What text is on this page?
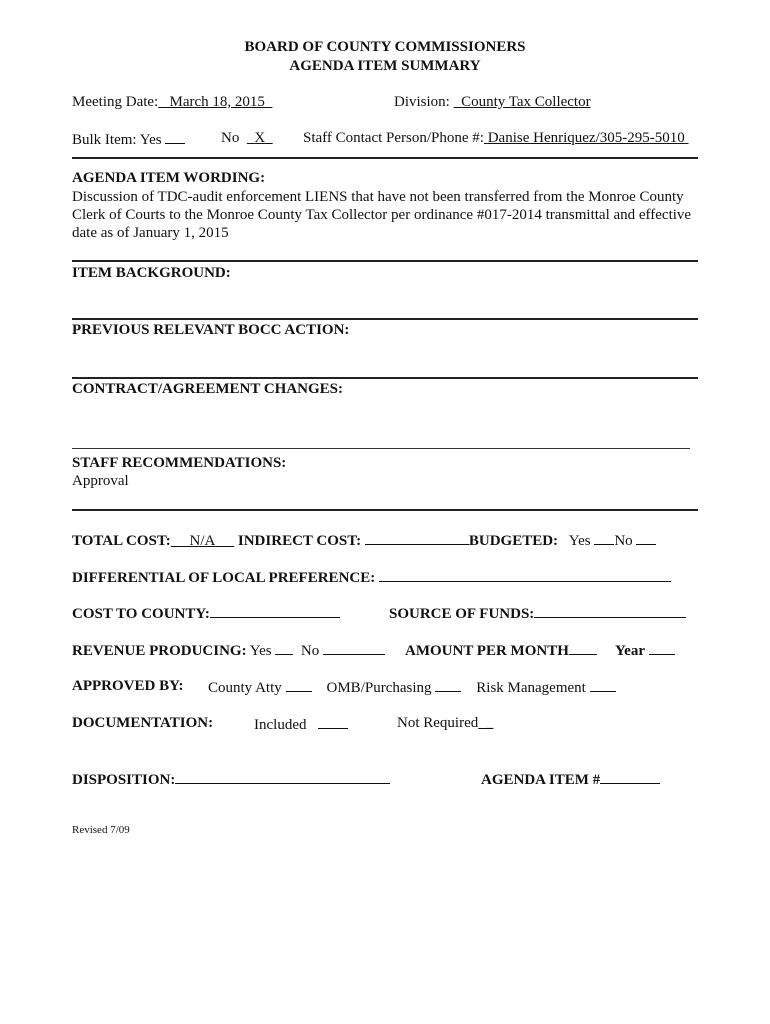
BOARD OF COUNTY COMMISSIONERS
AGENDA ITEM SUMMARY
Meeting Date: March 18, 2015	Division: County Tax Collector
Bulk Item: Yes	No X	Staff Contact Person/Phone #: Danise Henriquez/305-295-5010
AGENDA ITEM WORDING:
Discussion of TDC-audit enforcement LIENS that have not been transferred from the Monroe County Clerk of Courts to the Monroe County Tax Collector per ordinance #017-2014 transmittal and effective date as of January 1, 2015
ITEM BACKGROUND:
PREVIOUS RELEVANT BOCC ACTION:
CONTRACT/AGREEMENT CHANGES:
STAFF RECOMMENDATIONS:
Approval
TOTAL COST: N/A INDIRECT COST:	BUDGETED: Yes No
DIFFERENTIAL OF LOCAL PREFERENCE:
COST TO COUNTY:	SOURCE OF FUNDS:
REVENUE PRODUCING: Yes No	AMOUNT PER MONTH	Year
APPROVED BY: County Atty	OMB/Purchasing	Risk Management
DOCUMENTATION:	Included	Not Required _
DISPOSITION:	AGENDA ITEM #
Revised 7/09
